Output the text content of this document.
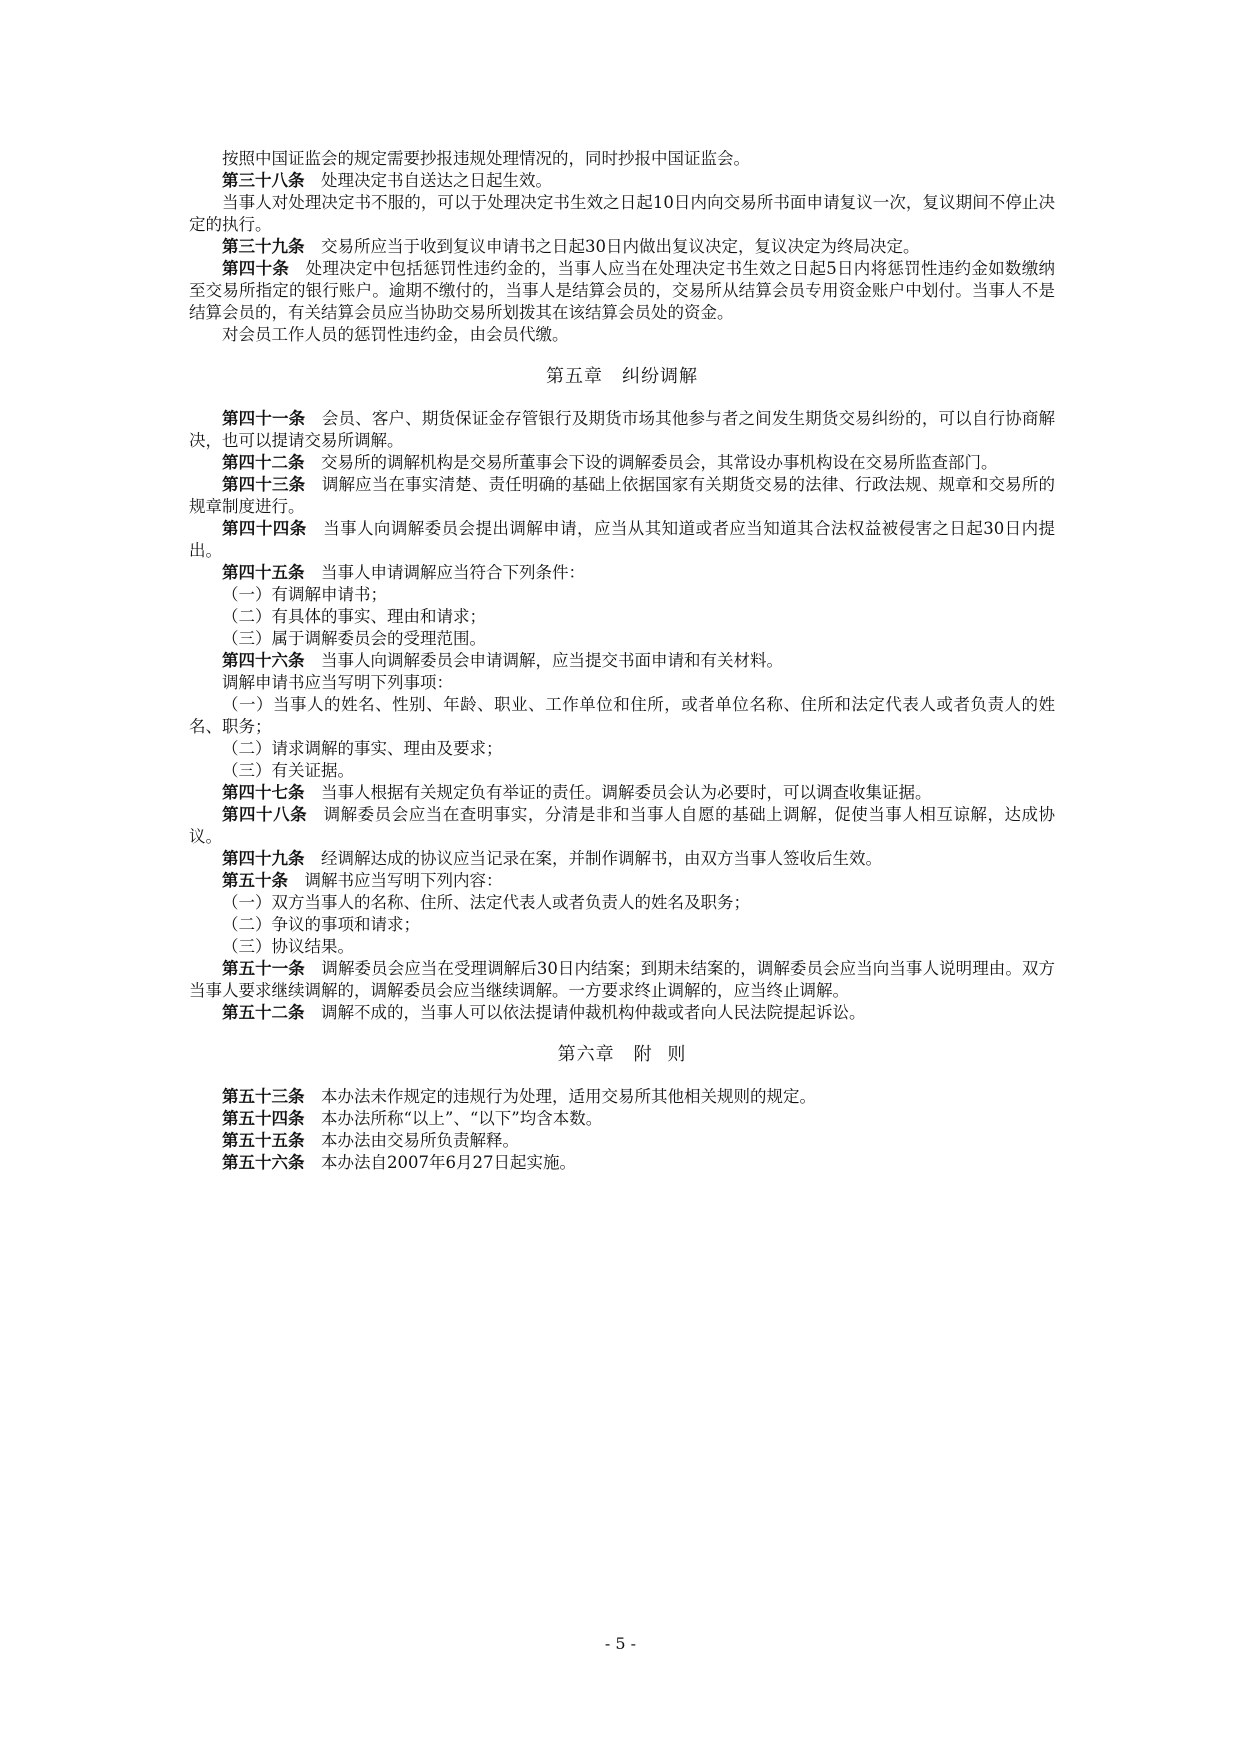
按照中国证监会的规定需要抄报违规处理情况的，同时抄报中国证监会。

第三十八条 处理决定书自送达之日起生效。

当事人对处理决定书不服的，可以于处理决定书生效之日起10日内向交易所书面申请复议一次，复议期间不停止决定的执行。

第三十九条 交易所应当于收到复议申请书之日起30日内做出复议决定，复议决定为终局决定。

第四十条 处理决定中包括惩罚性违约金的，当事人应当在处理决定书生效之日起5日内将惩罚性违约金如数缴纳至交易所指定的银行账户。逾期不缴付的，当事人是结算会员的，交易所从结算会员专用资金账户中划付。当事人不是结算会员的，有关结算会员应当协助交易所划拨其在该结算会员处的资金。

对会员工作人员的惩罚性违约金，由会员代缴。

第五章　纠纷调解

第四十一条 会员、客户、期货保证金存管银行及期货市场其他参与者之间发生期货交易纠纷的，可以自行协商解决，也可以提请交易所调解。

第四十二条 交易所的调解机构是交易所董事会下设的调解委员会，其常设办事机构设在交易所监查部门。

第四十三条 调解应当在事实清楚、责任明确的基础上依据国家有关期货交易的法律、行政法规、规章和交易所的规章制度进行。

第四十四条 当事人向调解委员会提出调解申请，应当从其知道或者应当知道其合法权益被侵害之日起30日内提出。

第四十五条 当事人申请调解应当符合下列条件：

（一）有调解申请书；

（二）有具体的事实、理由和请求；

（三）属于调解委员会的受理范围。

第四十六条 当事人向调解委员会申请调解，应当提交书面申请和有关材料。

调解申请书应当写明下列事项：

（一）当事人的姓名、性别、年龄、职业、工作单位和住所，或者单位名称、住所和法定代表人或者负责人的姓名、职务；

（二）请求调解的事实、理由及要求；

（三）有关证据。

第四十七条 当事人根据有关规定负有举证的责任。调解委员会认为必要时，可以调查收集证据。

第四十八条 调解委员会应当在查明事实，分清是非和当事人自愿的基础上调解，促使当事人相互谅解，达成协议。

第四十九条 经调解达成的协议应当记录在案，并制作调解书，由双方当事人签收后生效。

第五十条 调解书应当写明下列内容：

（一）双方当事人的名称、住所、法定代表人或者负责人的姓名及职务；

（二）争议的事项和请求；

（三）协议结果。

第五十一条 调解委员会应当在受理调解后30日内结案；到期未结案的，调解委员会应当向当事人说明理由。双方当事人要求继续调解的，调解委员会应当继续调解。一方要求终止调解的，应当终止调解。

第五十二条 调解不成的，当事人可以依法提请仲裁机构仲裁或者向人民法院提起诉讼。

第六章　附 则

第五十三条 本办法未作规定的违规行为处理，适用交易所其他相关规则的规定。

第五十四条 本办法所称“以上”、“以下”均含本数。

第五十五条 本办法由交易所负责解释。

第五十六条 本办法自2007年6月27日起实施。

- 5 -
